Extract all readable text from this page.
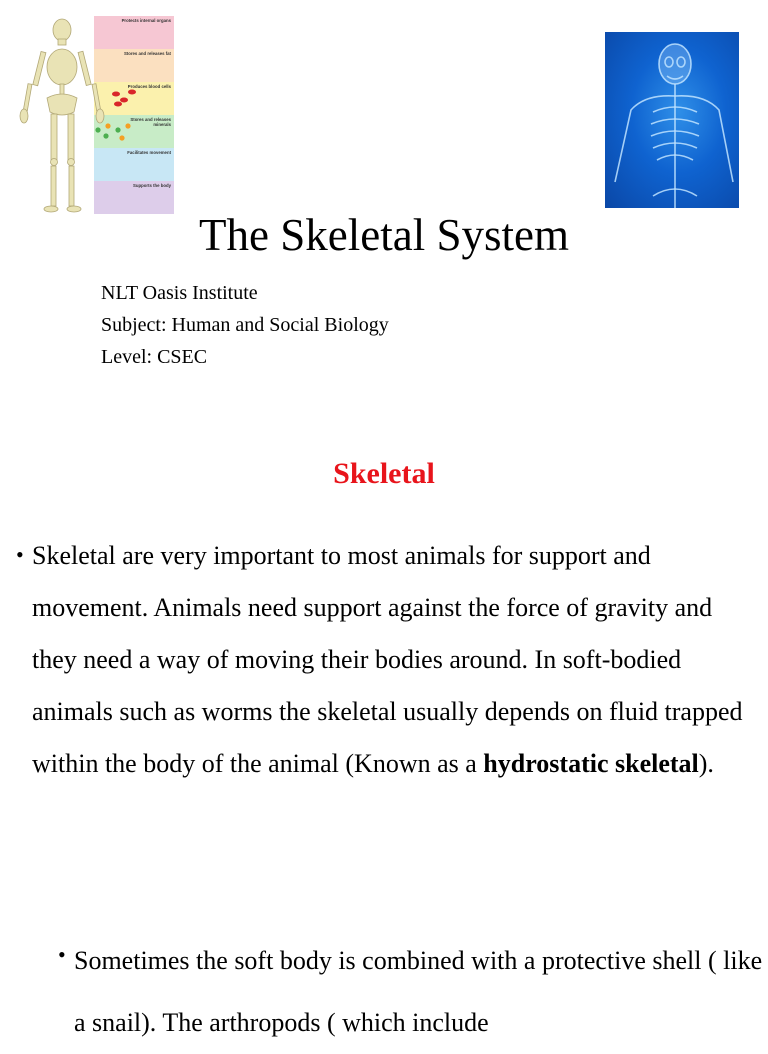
Protects internal organs
Stores and releases fat
Produces blood cells
Stores and releases minerals
Facilitates movement
Supports the body
The Skeletal System
NLT Oasis Institute
Subject: Human and Social Biology
Level: CSEC
Skeletal
• Skeletal are very important to most animals for support and movement. Animals need support against the force of gravity and they need a way of moving their bodies around. In soft-bodied animals such as worms the skeletal usually depends on fluid trapped within the body of the animal (Known as a hydrostatic skeletal).
• Sometimes the soft body is combined with a protective shell ( like a snail). The arthropods ( which include
